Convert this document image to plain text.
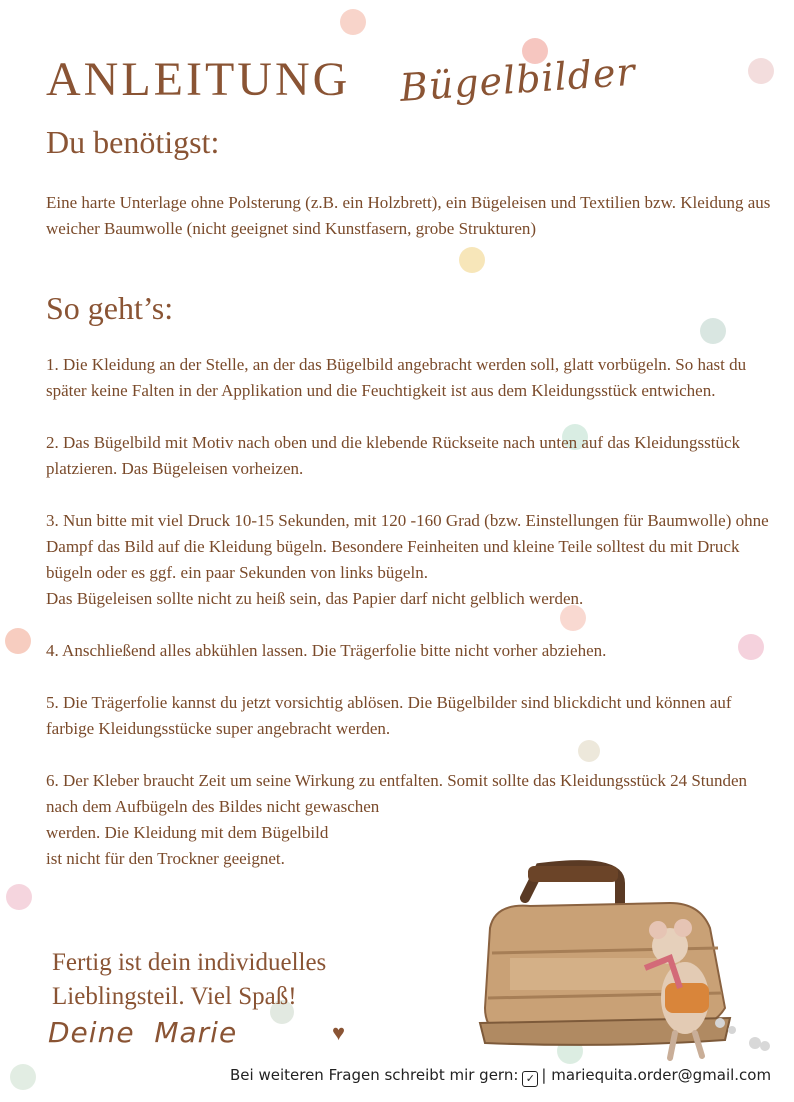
ANLEITUNG Bügelbilder
Du benötigst:
Eine harte Unterlage ohne Polsterung (z.B. ein Holzbrett), ein Bügeleisen und Textilien bzw. Kleidung aus weicher Baumwolle (nicht geeignet sind Kunstfasern, grobe Strukturen)
So geht’s:

1. Die Kleidung an der Stelle, an der das Bügelbild angebracht werden soll, glatt vorbügeln. So hast du später keine Falten in der Applikation und die Feuchtigkeit ist aus dem Kleidungsstück entwichen.

2. Das Bügelbild mit Motiv nach oben und die klebende Rückseite nach unten auf das Kleidungsstück platzieren. Das Bügeleisen vorheizen.

3. Nun bitte mit viel Druck 10-15 Sekunden, mit 120 -160 Grad (bzw. Einstellungen für Baumwolle) ohne Dampf das Bild auf die Kleidung bügeln. Besondere Feinheiten und kleine Teile solltest du mit Druck bügeln oder es ggf. ein paar Sekunden von links bügeln.

Das Bügeleisen sollte nicht zu heiß sein, das Papier darf nicht gelblich werden.

4. Anschließend alles abkühlen lassen. Die Trägerfolie bitte nicht vorher abziehen.

5. Die Trägerfolie kannst du jetzt vorsichtig ablösen. Die Bügelbilder sind blickdicht und können auf farbige Kleidungsstücke super angebracht werden.

6. Der Kleber braucht Zeit um seine Wirkung zu entfalten. Somit sollte das Kleidungsstück 24 Stunden nach dem Aufbügeln des Bildes nicht gewaschen
werden. Die Kleidung mit dem Bügelbild
ist nicht für den Trockner geeignet.

Fertig ist dein individuelles
Lieblingsteil. Viel Spaß!
Deine  Marie	♥
Bei weiteren Fragen schreibt mir gern: ✓ | mariequita.order@gmail.com
